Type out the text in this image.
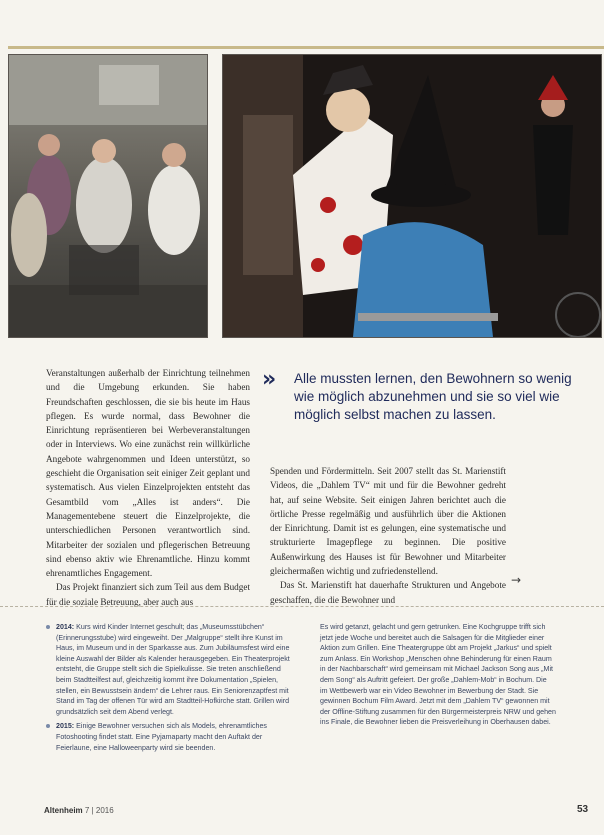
Veranstaltungen außerhalb der Einrichtung teilnehmen und die Umgebung erkunden. Sie haben Freundschaften geschlossen, die sie bis heute im Haus pflegen. Es wurde normal, dass Bewohner die Einrichtung repräsentieren bei Werbeveranstaltungen oder in Interviews. Wo eine zunächst rein willkürliche Angebote wahrgenommen und Ideen unterstützt, so geschieht die Organisation seit einiger Zeit geplant und systematisch. Aus vielen Einzelprojekten entsteht das Gesamtbild vom „Alles ist anders“. Die Managementebene steuert die Einzelprojekte, die unterschiedlichen Personen verantwortlich sind. Mitarbeiter der sozialen und pflegerischen Betreuung sind ebenso aktiv wie Ehrenamtliche. Hinzu kommt ehrenamtliches Engagement.

Das Projekt finanziert sich zum Teil aus dem Budget für die soziale Betreuung, aber auch aus

» Alle mussten lernen, den Bewohnern so wenig wie möglich abzunehmen und sie so viel wie möglich selbst machen zu lassen.

Spenden und Fördermitteln. Seit 2007 stellt das St. Marienstift Videos, die „Dahlem TV“ mit und für die Bewohner gedreht hat, auf seine Website. Seit einigen Jahren berichtet auch die örtliche Presse regelmäßig und ausführlich über die Aktionen der Einrichtung. Damit ist es gelungen, eine systematische und strukturierte Imagepflege zu beginnen. Die positive Außenwirkung des Hauses ist für Bewohner und Mitarbeiter gleichermaßen wichtig und zufriedenstellend.

Das St. Marienstift hat dauerhafte Strukturen und Angebote geschaffen, die die Bewohner und

→
2014: Kurs wird Kinder Internet geschult; das „Museumsstübchen“ (Erinnerungsstube) wird eingeweiht. Der „Malgruppe“ stellt ihre Kunst im Haus, im Museum und in der Sparkasse aus. Zum Jubiläumsfest wird eine kleine Auswahl der Bilder als Kalender herausgegeben. Ein Theaterprojekt entsteht, die Gruppe stellt sich die Spielkulisse. Sie treten anschließend beim Stadtteilfest auf, gleichzeitig kommt ihre Dokumentation „Spielen, stellen, ein Bewusstsein ändern“ die Lehrer raus. Ein Seniorenzaptfest mit Stand im Tag der offenen Tür wird am Stadtteil-Hofkirche statt. Grillen wird grundsätzlich seit dem Abend verlegt.
2015: Einige Bewohner versuchen sich als Models, ehrenamtliches Fotoshooting findet statt. Eine Pyjamaparty macht den Auftakt der Feierlaune, eine Halloweenparty wird sie beenden.
Es wird getanzt, gelacht und gern getrunken. Eine Kochgruppe trifft sich jetzt jede Woche und bereitet auch die Salsagen für die Mitglieder einer Aktion zum Grillen. Eine Theatergruppe übt am Projekt „Jarkus“ und spielt zum Anlass. Ein Workshop „Menschen ohne Behinderung für einen Raum in der Nachbarschaft“ wird gemeinsam mit Michael Jackson Song aus „Mit dem Song“ als Auftritt gefeiert. Der große „Dahlem-Mob“ in Bochum. Die im Wettbewerb war ein Video Bewohner im Bewerbung der Stadt. Sie gewinnen Bochum Film Award. Jetzt mit dem „Dahlem TV“ gewonnen mit der Offline-Stiftung zusammen für den Bürgermeisterpreis NRW und gehen ins Finale, die Bewohner lieben die Preisverleihung in Oberhausen dabei.
Altenheim 7 | 2016	53
